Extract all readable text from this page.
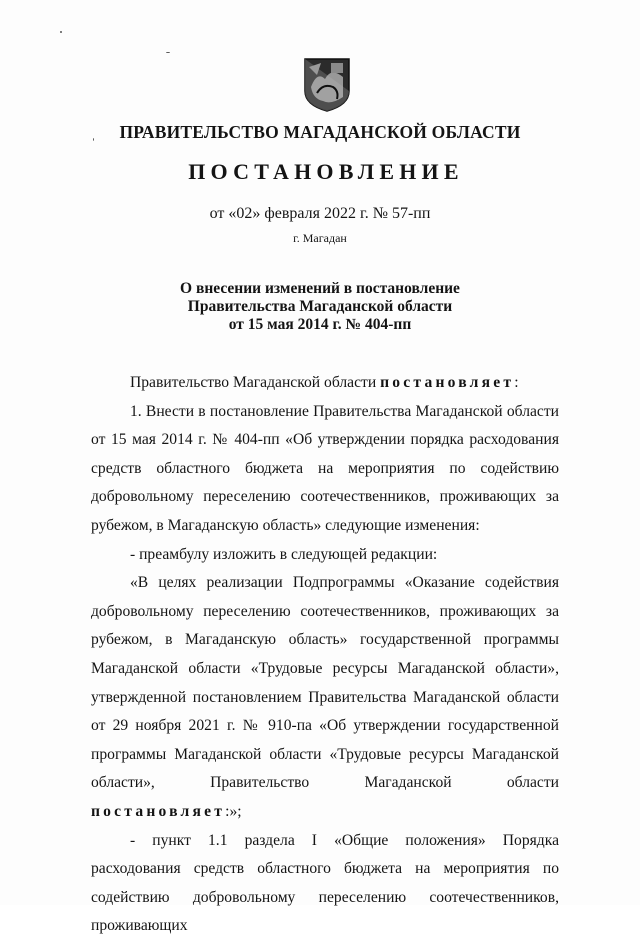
ПРАВИТЕЛЬСТВО МАГАДАНСКОЙ ОБЛАСТИ
ПОСТАНОВЛЕНИЕ
от «02» февраля 2022 г. № 57-пп
г. Магадан
О внесении изменений в постановление
Правительства Магаданской области
от 15 мая 2014 г. № 404-пп

Правительство Магаданской области постановляет:

1. Внести в постановление Правительства Магаданской области от 15 мая 2014 г. № 404-пп «Об утверждении порядка расходования средств областного бюджета на мероприятия по содействию добровольному переселению соотечественников, проживающих за рубежом, в Магаданскую область» следующие изменения:

- преамбулу изложить в следующей редакции:

«В целях реализации Подпрограммы «Оказание содействия добровольному переселению соотечественников, проживающих за рубежом, в Магаданскую область» государственной программы Магаданской области «Трудовые ресурсы Магаданской области», утвержденной постановлением Правительства Магаданской области от 29 ноября 2021 г. № 910-па «Об утверждении государственной программы Магаданской области «Трудовые ресурсы Магаданской области», Правительство Магаданской области постановляет:»;

- пункт 1.1 раздела I «Общие положения» Порядка расходования средств областного бюджета на мероприятия по содействию добровольному переселению соотечественников, проживающих
